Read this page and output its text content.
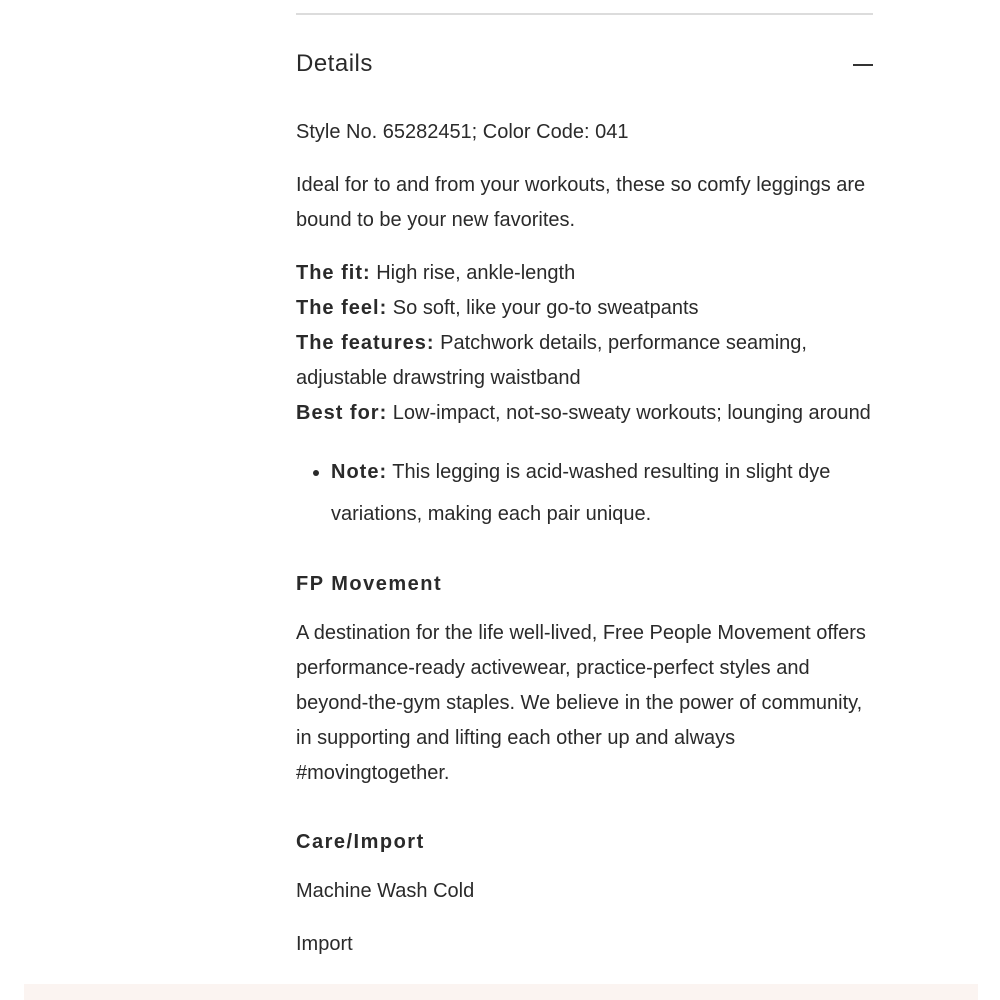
Details

Style No. 65282451; Color Code: 041

Ideal for to and from your workouts, these so comfy leggings are bound to be your new favorites.

The fit: High rise, ankle-length
The feel: So soft, like your go-to sweatpants
The features: Patchwork details, performance seaming, adjustable drawstring waistband
Best for: Low-impact, not-so-sweaty workouts; lounging around

• Note: This legging is acid-washed resulting in slight dye variations, making each pair unique.

FP Movement

A destination for the life well-lived, Free People Movement offers performance-ready activewear, practice-perfect styles and beyond-the-gym staples. We believe in the power of community, in supporting and lifting each other up and always #movingtogether.

Care/Import

Machine Wash Cold

Import
